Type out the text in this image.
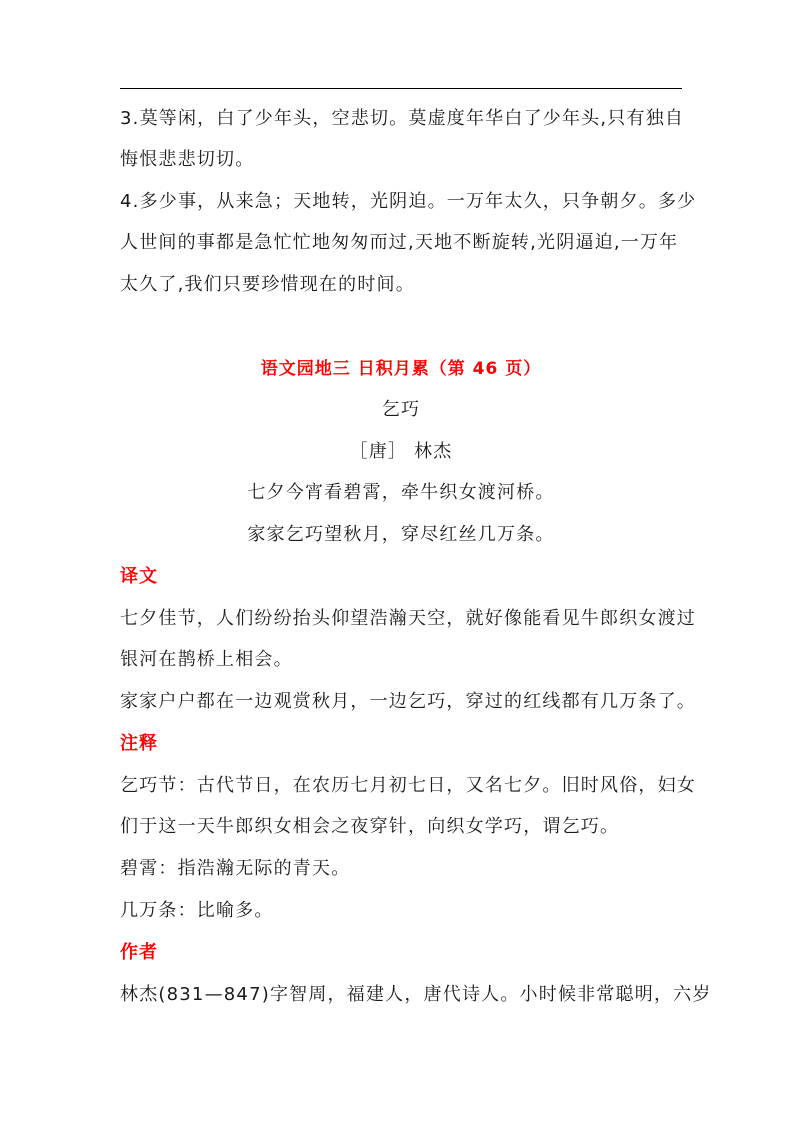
3.莫等闲，白了少年头，空悲切。莫虚度年华白了少年头,只有独自

悔恨悲悲切切。

4.多少事，从来急；天地转，光阴迫。一万年太久，只争朝夕。多少

人世间的事都是急忙忙地匆匆而过,天地不断旋转,光阴逼迫,一万年

太久了,我们只要珍惜现在的时间。

语文园地三 日积月累（第 46 页）

乞巧

［唐］ 林杰

七夕今宵看碧霄，牵牛织女渡河桥。

家家乞巧望秋月，穿尽红丝几万条。

译文

七夕佳节，人们纷纷抬头仰望浩瀚天空，就好像能看见牛郎织女渡过

银河在鹊桥上相会。

家家户户都在一边观赏秋月，一边乞巧，穿过的红线都有几万条了。

注释

乞巧节：古代节日，在农历七月初七日，又名七夕。旧时风俗，妇女

们于这一天牛郎织女相会之夜穿针，向织女学巧，谓乞巧。

碧霄：指浩瀚无际的青天。

几万条：比喻多。

作者

林杰(831—847)字智周，福建人，唐代诗人。小时候非常聪明，六岁
